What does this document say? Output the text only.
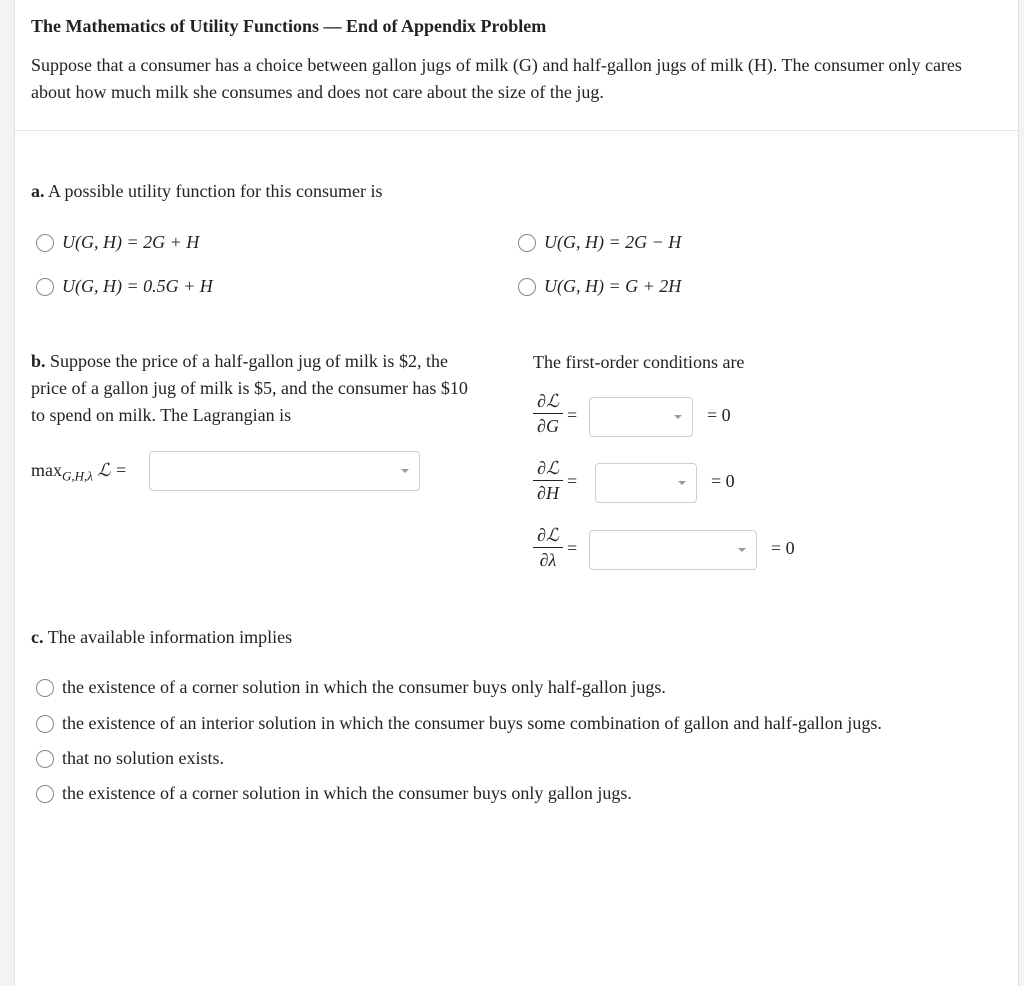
The Mathematics of Utility Functions — End of Appendix Problem
Suppose that a consumer has a choice between gallon jugs of milk (G) and half-gallon jugs of milk (H). The consumer only cares about how much milk she consumes and does not care about the size of the jug.
a. A possible utility function for this consumer is
U(G, H) = 2G + H	U(G, H) = 2G − H
U(G, H) = 0.5G + H	U(G, H) = G + 2H
b. Suppose the price of a half-gallon jug of milk is $2, the price of a gallon jug of milk is $5, and the consumer has $10 to spend on milk. The Lagrangian is
$\max_{G,H,\lambda}$ ℒ =
The first-order conditions are
∂ℒ
∂G
=	= 0
∂ℒ
∂H
=	= 0
∂ℒ
∂λ
=	= 0
c. The available information implies
the existence of a corner solution in which the consumer buys only half-gallon jugs.
the existence of an interior solution in which the consumer buys some combination of gallon and half-gallon jugs.
that no solution exists.
the existence of a corner solution in which the consumer buys only gallon jugs.
